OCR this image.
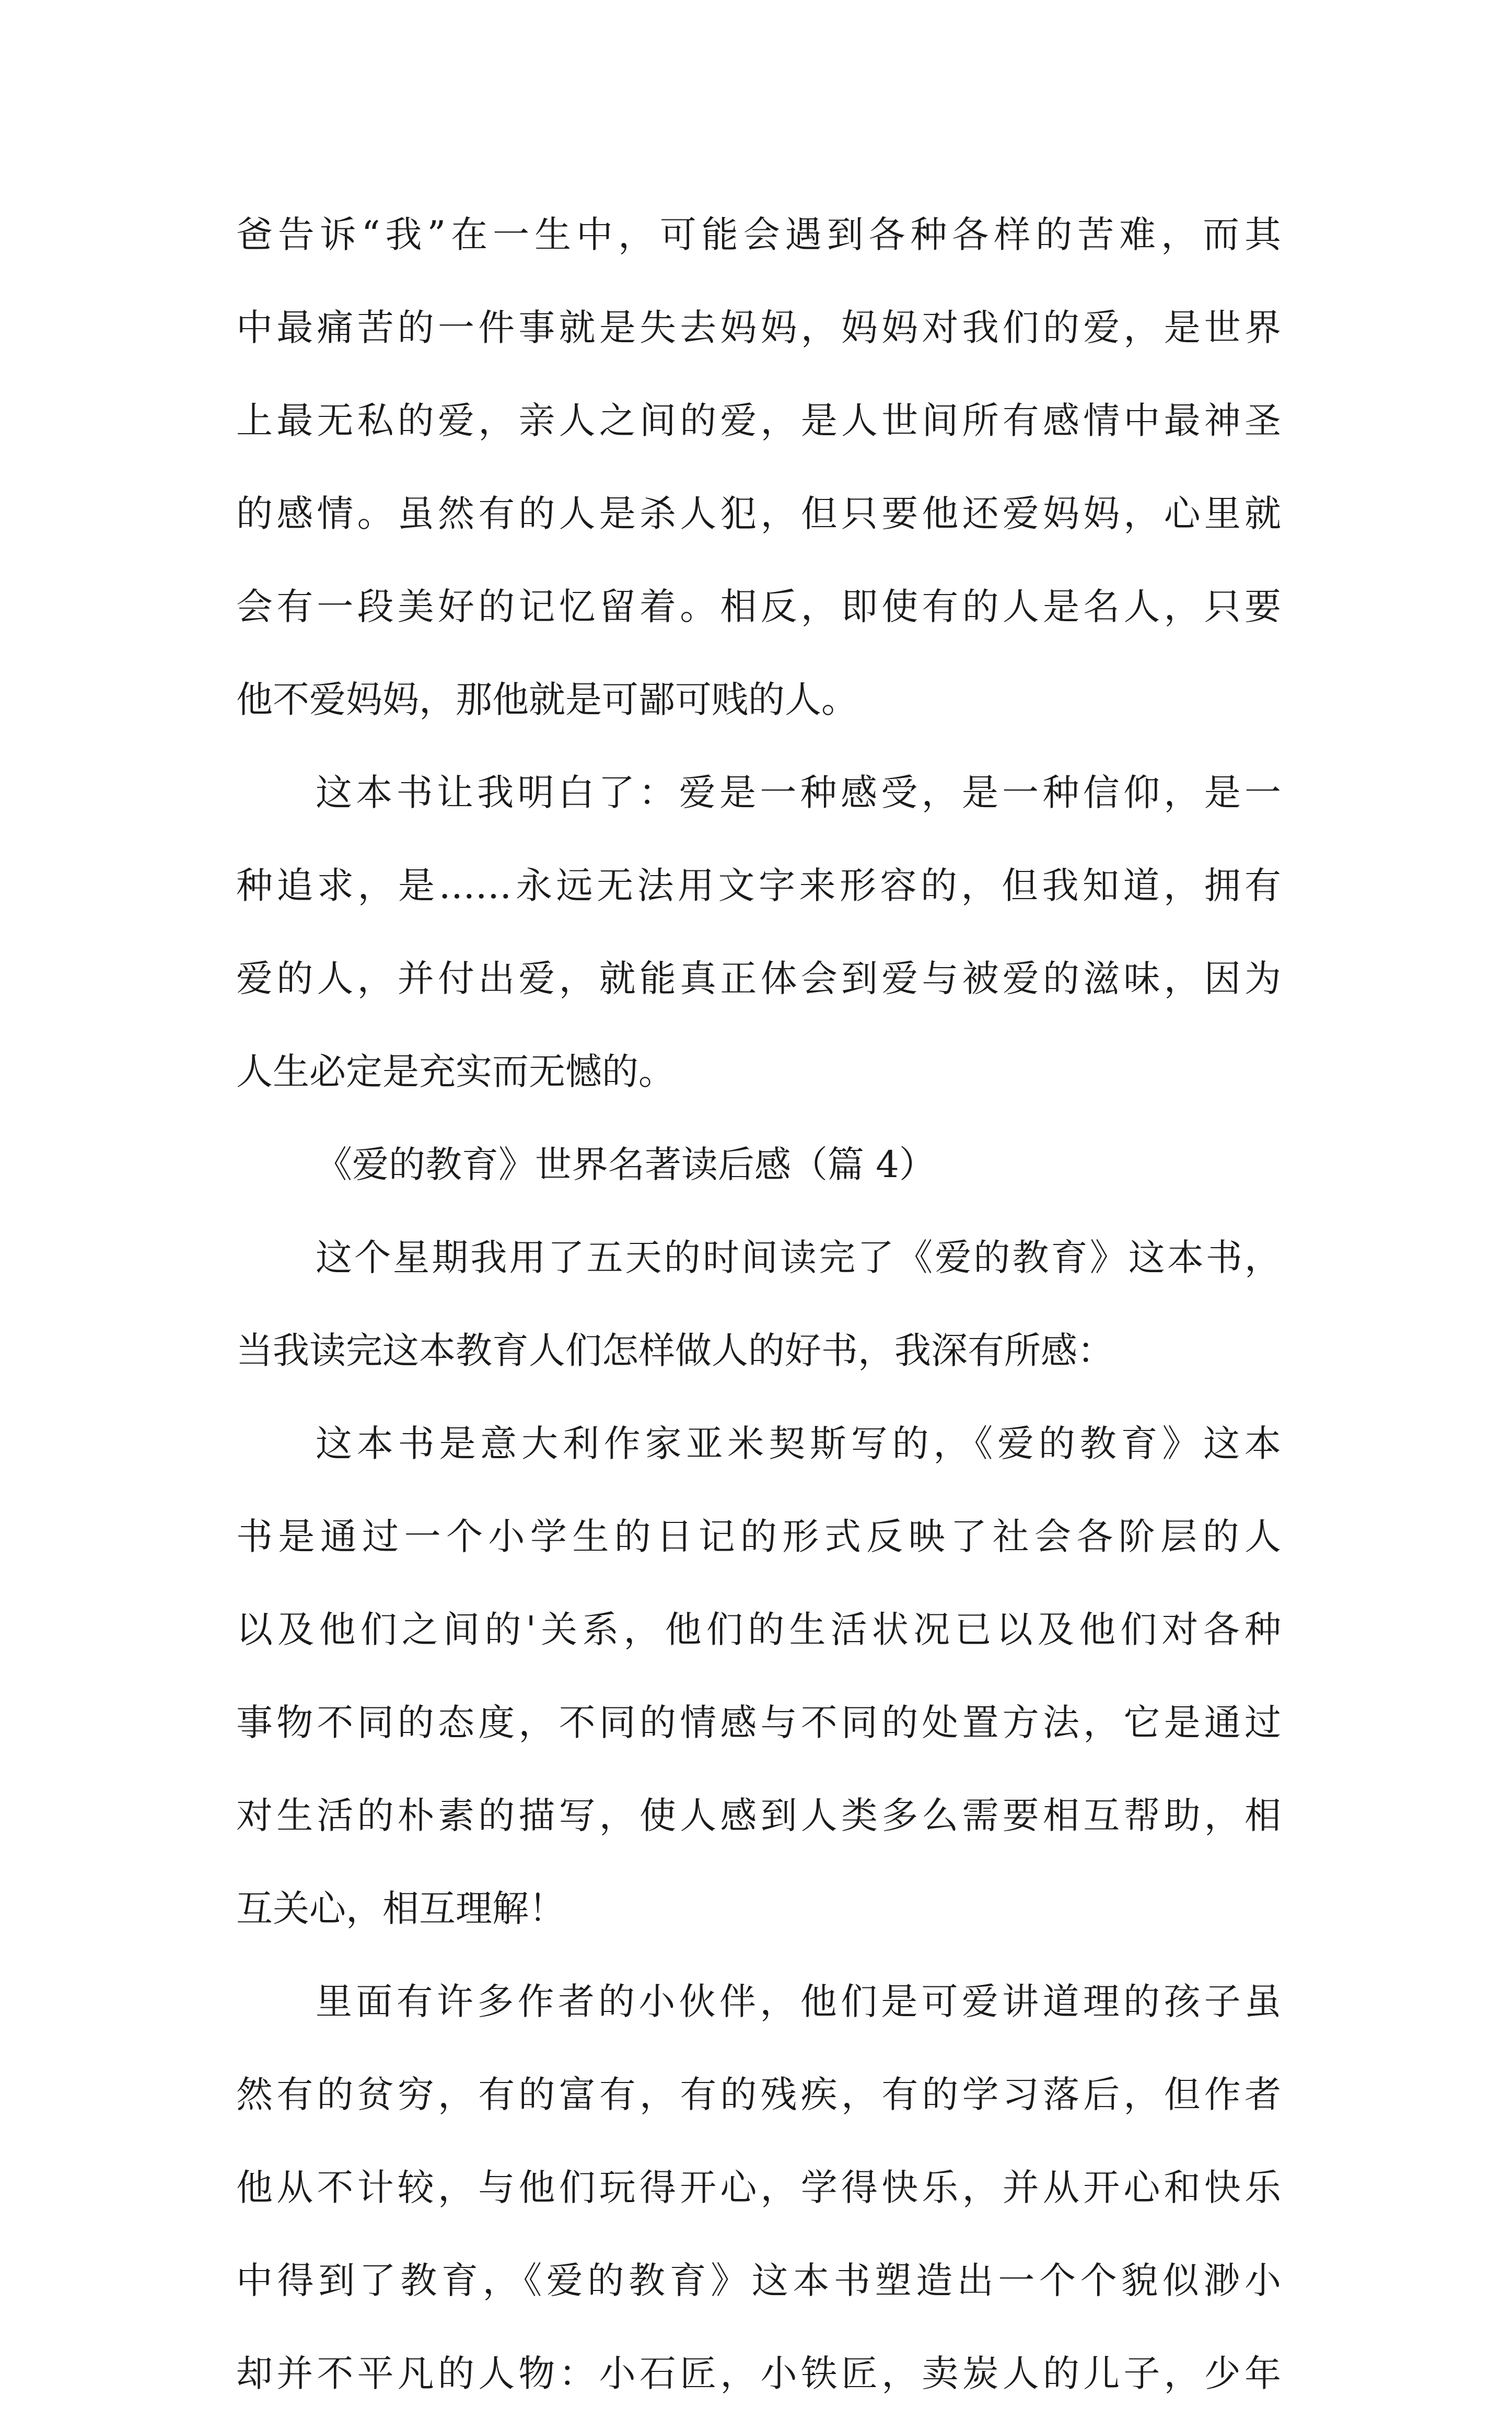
爸告诉“我”在一生中，可能会遇到各种各样的苦难，而其
中最痛苦的一件事就是失去妈妈，妈妈对我们的爱，是世界
上最无私的爱，亲人之间的爱，是人世间所有感情中最神圣
的感情。虽然有的人是杀人犯，但只要他还爱妈妈，心里就
会有一段美好的记忆留着。相反，即使有的人是名人，只要
他不爱妈妈，那他就是可鄙可贱的人。
这本书让我明白了：爱是一种感受，是一种信仰，是一
种追求，是……永远无法用文字来形容的，但我知道，拥有
爱的人，并付出爱，就能真正体会到爱与被爱的滋味，因为
人生必定是充实而无憾的。
《爱的教育》世界名著读后感（篇 4）
这个星期我用了五天的时间读完了《爱的教育》这本书，
当我读完这本教育人们怎样做人的好书，我深有所感：
这本书是意大利作家亚米契斯写的，《爱的教育》这本
书是通过一个小学生的日记的形式反映了社会各阶层的人
以及他们之间的'关系，他们的生活状况已以及他们对各种
事物不同的态度，不同的情感与不同的处置方法，它是通过
对生活的朴素的描写，使人感到人类多么需要相互帮助，相
互关心，相互理解！
里面有许多作者的小伙伴，他们是可爱讲道理的孩子虽
然有的贫穷，有的富有，有的残疾，有的学习落后，但作者
他从不计较，与他们玩得开心，学得快乐，并从开心和快乐
中得到了教育，《爱的教育》这本书塑造出一个个貌似渺小
却并不平凡的人物：小石匠，小铁匠，卖炭人的儿子，少年
